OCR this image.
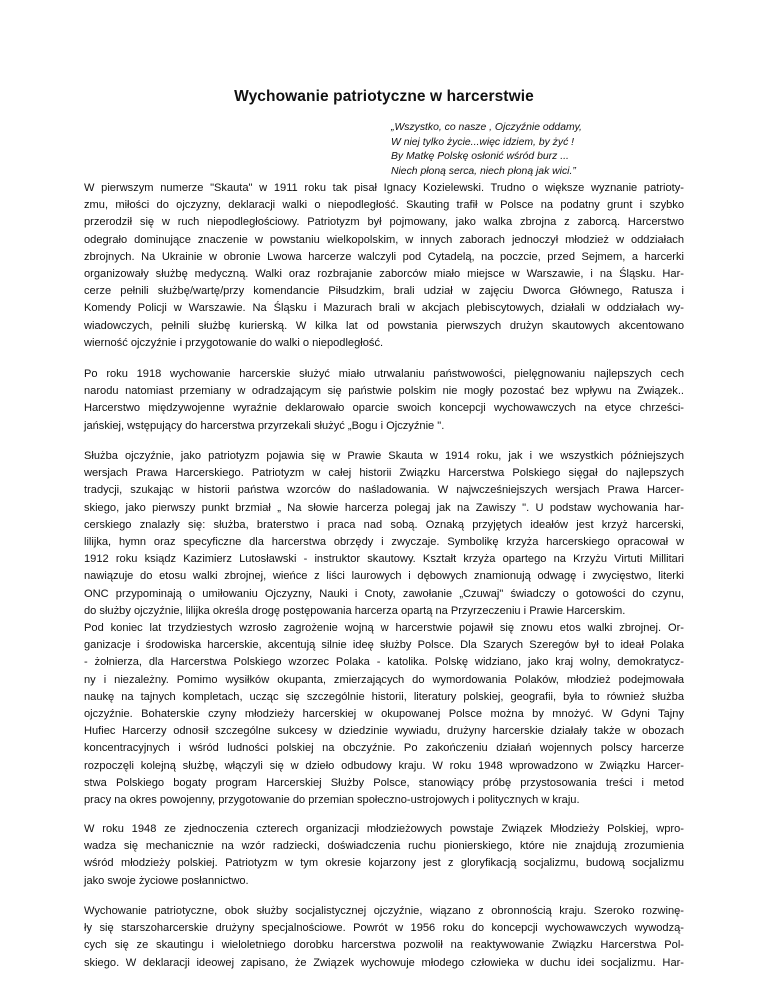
Wychowanie patriotyczne w harcerstwie
„Wszystko, co nasze , Ojczyźnie oddamy,
W niej tylko życie...więc idziem, by żyć !
By Matkę Polskę osłonić wśród burz ...
Niech płoną serca, niech płoną jak wici.”
W pierwszym numerze "Skauta" w 1911 roku tak pisał Ignacy Kozielewski. Trudno o większe wyznanie patrioty-
zmu, miłości do ojczyzny, deklaracji walki o niepodległość. Skauting trafił w Polsce na podatny grunt i szybko
przerodził się w ruch niepodległościowy. Patriotyzm był pojmowany, jako walka zbrojna z zaborcą. Harcerstwo
odegrało dominujące znaczenie w powstaniu wielkopolskim, w innych zaborach jednoczył młodzież w oddziałach
zbrojnych. Na Ukrainie w obronie Lwowa harcerze walczyli pod Cytadelą, na poczcie, przed Sejmem, a harcerki
organizowały służbę medyczną. Walki oraz rozbrajanie zaborców miało miejsce w Warszawie, i na Śląsku. Har-
cerze pełnili służbę/wartę/przy komendancie Piłsudzkim, brali udział w zajęciu Dworca Głównego, Ratusza i
Komendy Policji w Warszawie. Na Śląsku i Mazurach brali w akcjach plebiscytowych, działali w oddziałach wy-
wiadowczych, pełnili służbę kurierską. W kilka lat od powstania pierwszych drużyn skautowych akcentowano
wierność ojczyźnie i przygotowanie do walki o niepodległość.
Po roku 1918 wychowanie harcerskie służyć miało utrwalaniu państwowości, pielęgnowaniu najlepszych cech
narodu natomiast przemiany w odradzającym się państwie polskim nie mogły pozostać bez wpływu na Związek..
Harcerstwo międzywojenne wyraźnie deklarowało oparcie swoich koncepcji wychowawczych na etyce chrześci-
jańskiej, wstępujący do harcerstwa przyrzekali służyć „Bogu i Ojczyźnie ".
Służba ojczyźnie, jako patriotyzm pojawia się w Prawie Skauta w 1914 roku, jak i we wszystkich późniejszych
wersjach Prawa Harcerskiego. Patriotyzm w całej historii Związku Harcerstwa Polskiego sięgał do najlepszych
tradycji, szukając w historii państwa wzorców do naśladowania. W najwcześniejszych wersjach Prawa Harcer-
skiego, jako pierwszy punkt brzmiał „ Na słowie harcerza polegaj jak na Zawiszy ". U podstaw wychowania har-
cerskiego znalazły się: służba, braterstwo i praca nad sobą. Oznaką przyjętych ideałów jest krzyż harcerski,
lilijka, hymn oraz specyficzne dla harcerstwa obrzędy i zwyczaje. Symbolikę krzyża harcerskiego opracował w
1912 roku ksiądz Kazimierz Lutosławski - instruktor skautowy. Kształt krzyża opartego na Krzyżu Virtuti Millitari
nawiązuje do etosu walki zbrojnej, wieńce z liści laurowych i dębowych znamionują odwagę i zwycięstwo, literki
ONC przypominają o umiłowaniu Ojczyzny, Nauki i Cnoty, zawołanie „Czuwaj" świadczy o gotowości do czynu,
do służby ojczyźnie, lilijka określa drogę postępowania harcerza opartą na Przyrzeczeniu i Prawie Harcerskim.
Pod koniec lat trzydziestych wzrosło zagrożenie wojną w harcerstwie pojawił się znowu etos walki zbrojnej. Or-
ganizacje i środowiska harcerskie, akcentują silnie ideę służby Polsce. Dla Szarych Szeregów był to ideał Polaka
- żołnierza, dla Harcerstwa Polskiego wzorzec Polaka - katolika. Polskę widziano, jako kraj wolny, demokratycz-
ny i niezależny. Pomimo wysiłków okupanta, zmierzających do wymordowania Polaków, młodzież podejmowała
naukę na tajnych kompletach, ucząc się szczególnie historii, literatury polskiej, geografii, była to również służba
ojczyźnie. Bohaterskie czyny młodzieży harcerskiej w okupowanej Polsce można by mnożyć. W Gdyni Tajny
Hufiec Harcerzy odnosił szczególne sukcesy w dziedzinie wywiadu, drużyny harcerskie działały także w obozach
koncentracyjnych i wśród ludności polskiej na obczyźnie. Po zakończeniu działań wojennych polscy harcerze
rozpoczęli kolejną służbę, włączyli się w dzieło odbudowy kraju. W roku 1948 wprowadzono w Związku Harcer-
stwa Polskiego bogaty program Harcerskiej Służby Polsce, stanowiący próbę przystosowania treści i metod
pracy na okres powojenny, przygotowanie do przemian społeczno-ustrojowych i politycznych w kraju.
W roku 1948 ze zjednoczenia czterech organizacji młodzieżowych powstaje Związek Młodzieży Polskiej, wpro-
wadza się mechanicznie na wzór radziecki, doświadczenia ruchu pionierskiego, które nie znajdują zrozumienia
wśród młodzieży polskiej. Patriotyzm w tym okresie kojarzony jest z gloryfikacją socjalizmu, budową socjalizmu
jako swoje życiowe posłannictwo.
Wychowanie patriotyczne, obok służby socjalistycznej ojczyźnie, wiązano z obronnością kraju. Szeroko rozwinę-
ły się starszoharcerskie drużyny specjalnościowe. Powrót w 1956 roku do koncepcji wychowawczych wywodzą-
cych się ze skautingu i wieloletniego dorobku harcerstwa pozwolił na reaktywowanie Związku Harcerstwa Pol-
skiego. W deklaracji ideowej zapisano, że Związek wychowuje młodego człowieka w duchu idei socjalizmu. Har-
